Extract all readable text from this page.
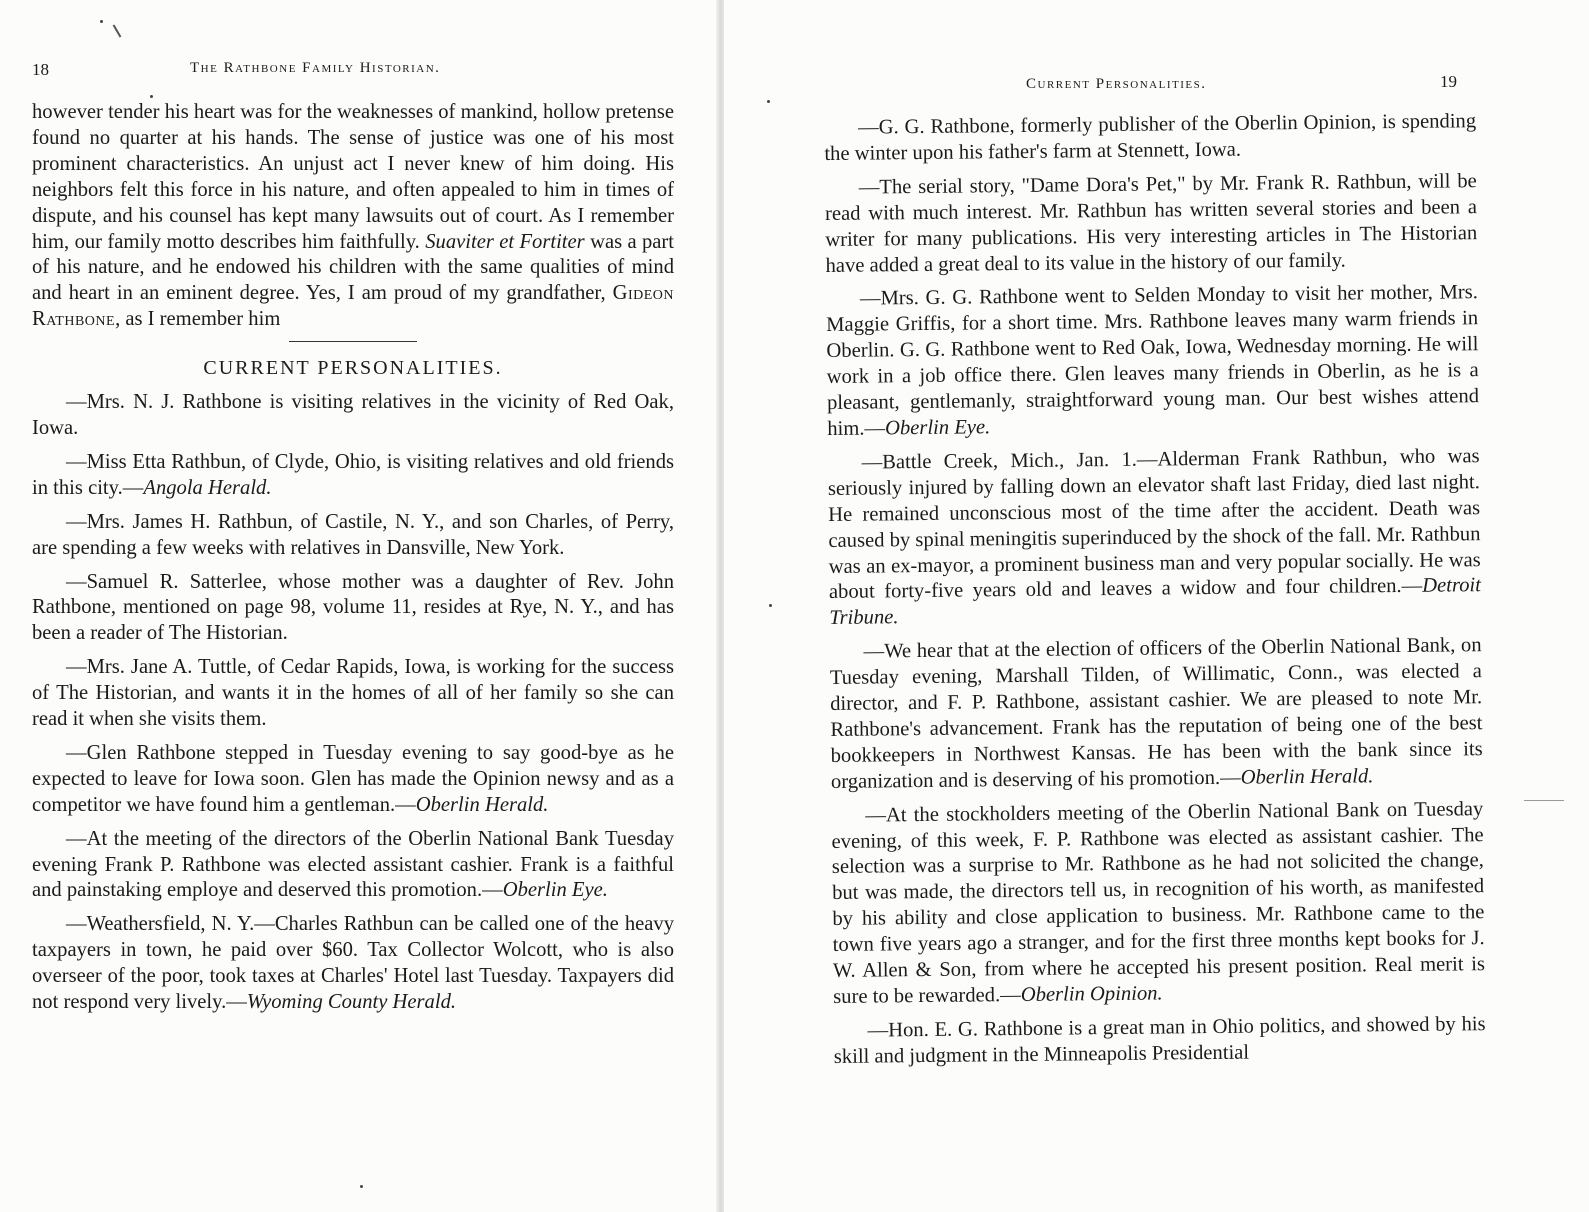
18	The Rathbone Family Historian.

however tender his heart was for the weaknesses of mankind, hollow pretense found no quarter at his hands. The sense of justice was one of his most prominent characteristics. An unjust act I never knew of him doing. His neighbors felt this force in his nature, and often appealed to him in times of dispute, and his counsel has kept many lawsuits out of court. As I remember him, our family motto describes him faithfully. Suaviter et Fortiter was a part of his nature, and he endowed his children with the same qualities of mind and heart in an eminent degree. Yes, I am proud of my grandfather, Gideon Rathbone, as I remember him

CURRENT PERSONALITIES.

—Mrs. N. J. Rathbone is visiting relatives in the vicinity of Red Oak, Iowa.

—Miss Etta Rathbun, of Clyde, Ohio, is visiting relatives and old friends in this city.—Angola Herald.

—Mrs. James H. Rathbun, of Castile, N. Y., and son Charles, of Perry, are spending a few weeks with relatives in Dansville, New York.

—Samuel R. Satterlee, whose mother was a daughter of Rev. John Rathbone, mentioned on page 98, volume 11, resides at Rye, N. Y., and has been a reader of The Historian.

—Mrs. Jane A. Tuttle, of Cedar Rapids, Iowa, is working for the success of The Historian, and wants it in the homes of all of her family so she can read it when she visits them.

—Glen Rathbone stepped in Tuesday evening to say good-bye as he expected to leave for Iowa soon. Glen has made the Opinion newsy and as a competitor we have found him a gentleman.—Oberlin Herald.

—At the meeting of the directors of the Oberlin National Bank Tuesday evening Frank P. Rathbone was elected assistant cashier. Frank is a faithful and painstaking employe and deserved this promotion.—Oberlin Eye.

—Weathersfield, N. Y.—Charles Rathbun can be called one of the heavy taxpayers in town, he paid over $60. Tax Collector Wolcott, who is also overseer of the poor, took taxes at Charles' Hotel last Tuesday. Taxpayers did not respond very lively.—Wyoming County Herald.

Current Personalities.	19

—G. G. Rathbone, formerly publisher of the Oberlin Opinion, is spending the winter upon his father's farm at Stennett, Iowa.

—The serial story, "Dame Dora's Pet," by Mr. Frank R. Rathbun, will be read with much interest. Mr. Rathbun has written several stories and been a writer for many publications. His very interesting articles in The Historian have added a great deal to its value in the history of our family.

—Mrs. G. G. Rathbone went to Selden Monday to visit her mother, Mrs. Maggie Griffis, for a short time. Mrs. Rathbone leaves many warm friends in Oberlin. G. G. Rathbone went to Red Oak, Iowa, Wednesday morning. He will work in a job office there. Glen leaves many friends in Oberlin, as he is a pleasant, gentlemanly, straightforward young man. Our best wishes attend him.—Oberlin Eye.

—Battle Creek, Mich., Jan. 1.—Alderman Frank Rathbun, who was seriously injured by falling down an elevator shaft last Friday, died last night. He remained unconscious most of the time after the accident. Death was caused by spinal meningitis superinduced by the shock of the fall. Mr. Rathbun was an ex-mayor, a prominent business man and very popular socially. He was about forty-five years old and leaves a widow and four children.—Detroit Tribune.

—We hear that at the election of officers of the Oberlin National Bank, on Tuesday evening, Marshall Tilden, of Willimatic, Conn., was elected a director, and F. P. Rathbone, assistant cashier. We are pleased to note Mr. Rathbone's advancement. Frank has the reputation of being one of the best bookkeepers in Northwest Kansas. He has been with the bank since its organization and is deserving of his promotion.—Oberlin Herald.

—At the stockholders meeting of the Oberlin National Bank on Tuesday evening, of this week, F. P. Rathbone was elected as assistant cashier. The selection was a surprise to Mr. Rathbone as he had not solicited the change, but was made, the directors tell us, in recognition of his worth, as manifested by his ability and close application to business. Mr. Rathbone came to the town five years ago a stranger, and for the first three months kept books for J. W. Allen & Son, from where he accepted his present position. Real merit is sure to be rewarded.—Oberlin Opinion.

—Hon. E. G. Rathbone is a great man in Ohio politics, and showed by his skill and judgment in the Minneapolis Presidential
